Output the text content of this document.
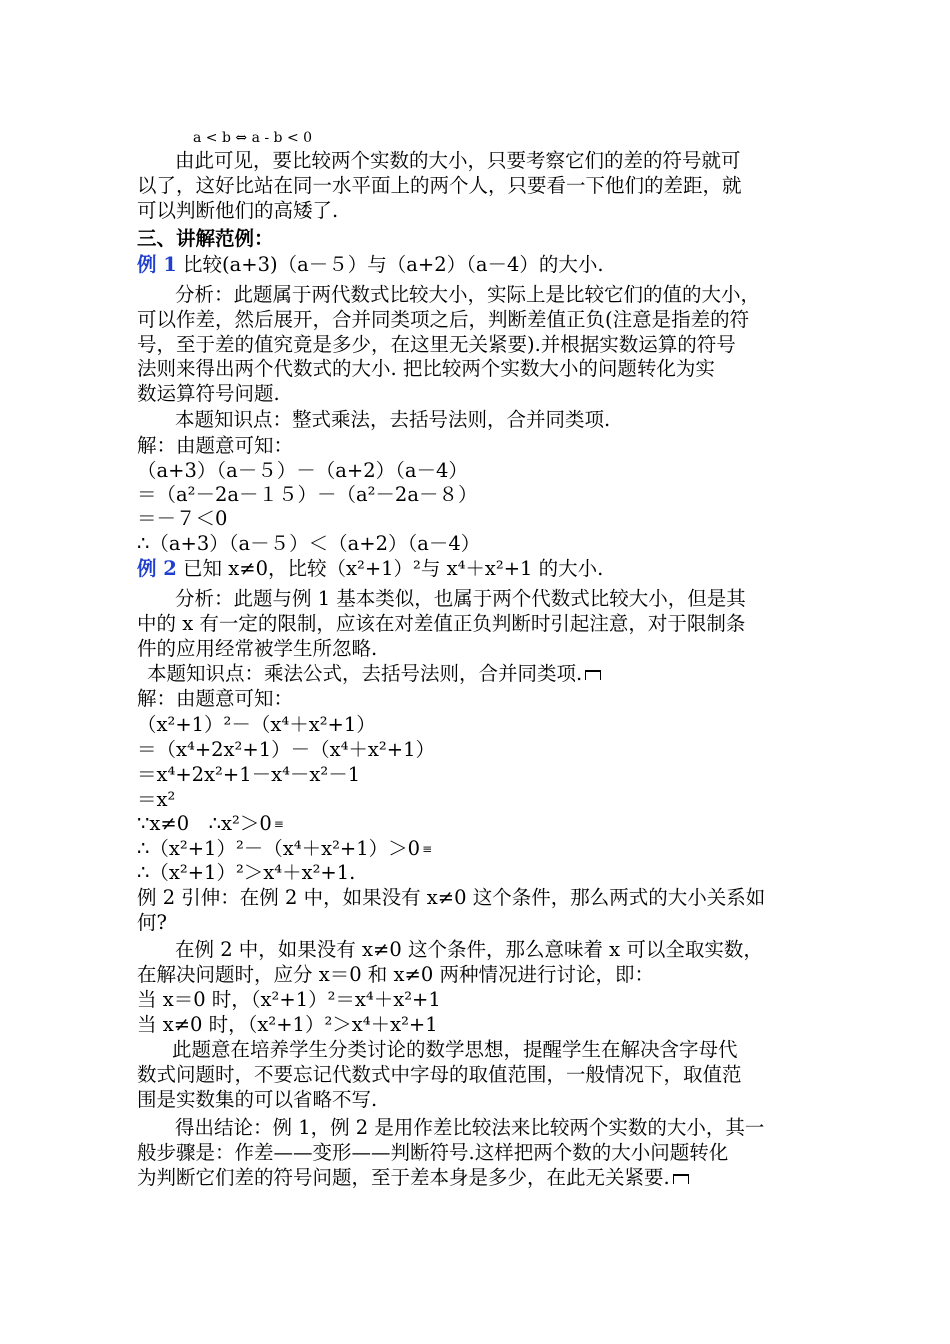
a < b ⇔ a - b < 0
由此可见，要比较两个实数的大小，只要考察它们的差的符号就可
以了，这好比站在同一水平面上的两个人，只要看一下他们的差距，就
可以判断他们的高矮了.
三、讲解范例：
例 1 比较(a+3)（a－５）与（a+2）（a－4）的大小.
分析：此题属于两代数式比较大小，实际上是比较它们的值的大小，
可以作差，然后展开，合并同类项之后，判断差值正负(注意是指差的符
号，至于差的值究竟是多少，在这里无关紧要).并根据实数运算的符号
法则来得出两个代数式的大小. 把比较两个实数大小的问题转化为实
数运算符号问题.
本题知识点：整式乘法，去括号法则，合并同类项.
解：由题意可知：
（a+3）（a－５）－（a+2）（a－4）
＝（a²－2a－１５）－（a²－2a－８）
＝－７＜0
∴（a+3）（a－５）＜（a+2）（a－4）
例 2 已知 x≠0，比较（x²+1）²与 x⁴＋x²+1 的大小.
分析：此题与例 1 基本类似，也属于两个代数式比较大小，但是其
中的 x 有一定的限制，应该在对差值正负判断时引起注意，对于限制条
件的应用经常被学生所忽略.
本题知识点：乘法公式，去括号法则，合并同类项.
解：由题意可知：
（x²+1）²－（x⁴＋x²+1）
＝（x⁴+2x²+1）－（x⁴＋x²+1）
＝x⁴+2x²+1－x⁴－x²－1
＝x²
∵x≠0　∴x²＞0 ≡
∴（x²+1）²－（x⁴＋x²+1）＞0 ≡
∴（x²+1）²＞x⁴＋x²+1.
例 2 引伸：在例 2 中，如果没有 x≠0 这个条件，那么两式的大小关系如
何?
在例 2 中，如果没有 x≠0 这个条件，那么意味着 x 可以全取实数，
在解决问题时，应分 x＝0 和 x≠0 两种情况进行讨论，即：
当 x＝0 时，（x²+1）²＝x⁴＋x²+1
当 x≠0 时，（x²+1）²＞x⁴＋x²+1
此题意在培养学生分类讨论的数学思想，提醒学生在解决含字母代
数式问题时，不要忘记代数式中字母的取值范围，一般情况下，取值范
围是实数集的可以省略不写.
得出结论：例 1，例 2 是用作差比较法来比较两个实数的大小，其一
般步骤是：作差——变形——判断符号.这样把两个数的大小问题转化
为判断它们差的符号问题，至于差本身是多少，在此无关紧要.
